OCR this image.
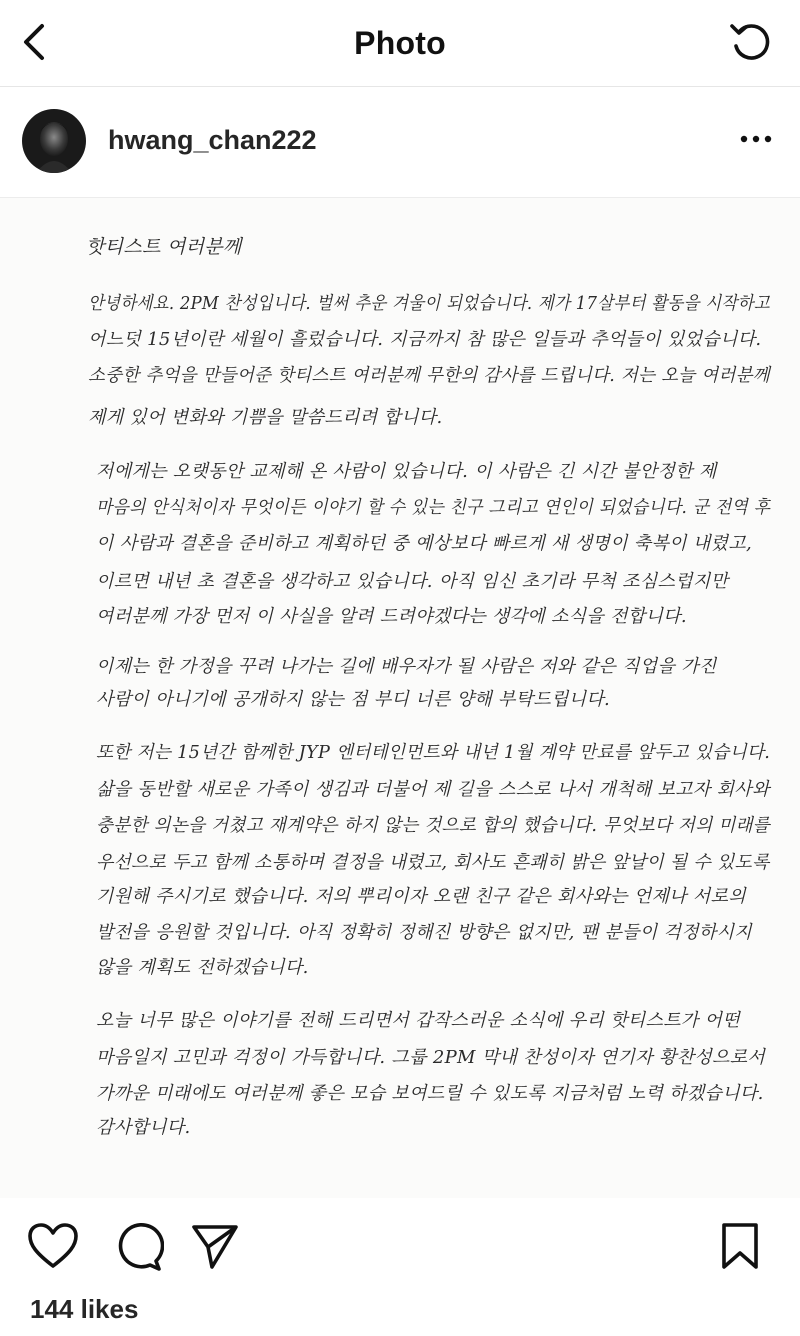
Photo
hwang_chan222
핫티스트 여러분께
안녕하세요. 2PM 찬성입니다. 벌써 추운 겨울이 되었습니다. 제가 17살부터 활동을 시작하고
어느덧 15년이란 세월이 흘렀습니다. 지금까지 참 많은 일들과 추억들이 있었습니다.
소중한 추억을 만들어준 핫티스트 여러분께 무한의 감사를 드립니다. 저는 오늘 여러분께
제게 있어 변화와 기쁨을 말씀드리려 합니다.
저에게는 오랫동안 교제해 온 사람이 있습니다. 이 사람은 긴 시간 불안정한 제
마음의 안식처이자 무엇이든 이야기 할 수 있는 친구 그리고 연인이 되었습니다. 군 전역 후
이 사람과 결혼을 준비하고 계획하던 중 예상보다 빠르게 새 생명이 축복이 내렸고,
이르면 내년 초 결혼을 생각하고 있습니다. 아직 임신 초기라 무척 조심스럽지만
여러분께 가장 먼저 이 사실을 알려 드려야겠다는 생각에 소식을 전합니다.
이제는 한 가정을 꾸려 나가는 길에 배우자가 될 사람은 저와 같은 직업을 가진
사람이 아니기에 공개하지 않는 점 부디 너른 양해 부탁드립니다.
또한 저는 15년간 함께한 JYP 엔터테인먼트와 내년 1월 계약 만료를 앞두고 있습니다.
삶을 동반할 새로운 가족이 생김과 더불어 제 길을 스스로 나서 개척해 보고자 회사와
충분한 의논을 거쳤고 재계약은 하지 않는 것으로 합의 했습니다. 무엇보다 저의 미래를
우선으로 두고 함께 소통하며 결정을 내렸고, 회사도 흔쾌히 밝은 앞날이 될 수 있도록
기원해 주시기로 했습니다. 저의 뿌리이자 오랜 친구 같은 회사와는 언제나 서로의
발전을 응원할 것입니다. 아직 정확히 정해진 방향은 없지만, 팬 분들이 걱정하시지
않을 계획도 전하겠습니다.
오늘 너무 많은 이야기를 전해 드리면서 갑작스러운 소식에 우리 핫티스트가 어떤
마음일지 고민과 걱정이 가득합니다. 그룹 2PM 막내 찬성이자 연기자 황찬성으로서
가까운 미래에도 여러분께 좋은 모습 보여드릴 수 있도록 지금처럼 노력 하겠습니다.
감사합니다.
144 likes
